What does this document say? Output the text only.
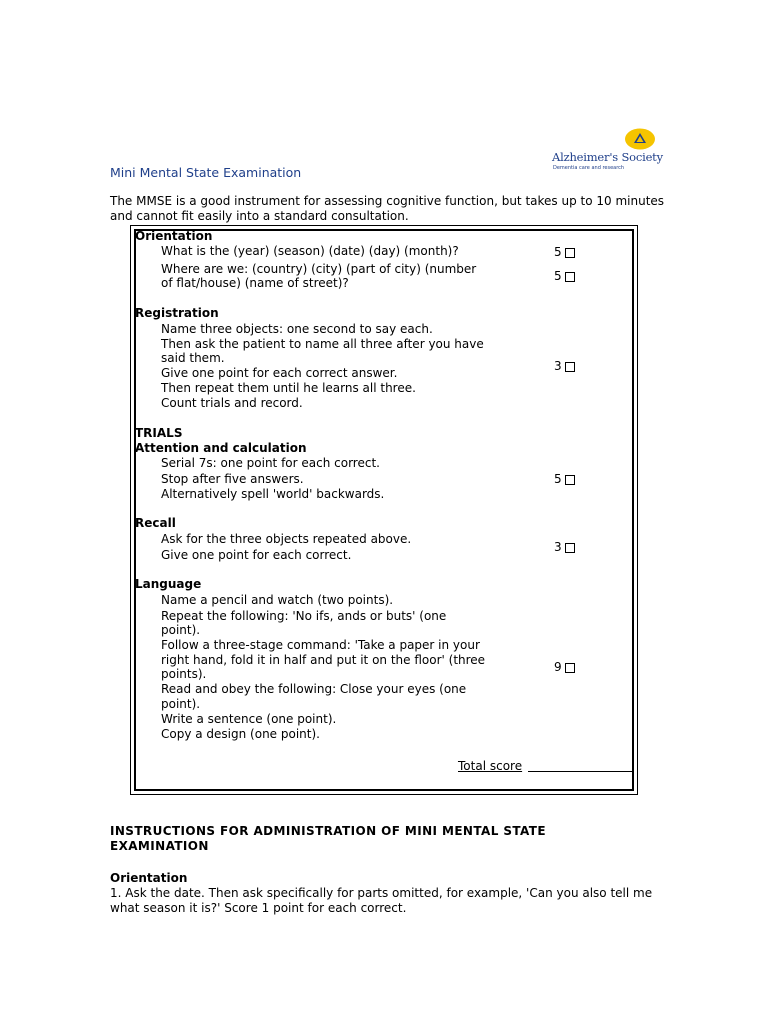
Alzheimer's Society
Dementia care and research
Mini Mental State Examination
The MMSE is a good instrument for assessing cognitive function, but takes up to 10 minutes and cannot fit easily into a standard consultation.
Orientation
What is the (year) (season) (date) (day) (month)?
Where are we: (country) (city) (part of city) (number
of flat/house) (name of street)?
5
5
Registration
Name three objects: one second to say each.
Then ask the patient to name all three after you have
said them.
Give one point for each correct answer.
Then repeat them until he learns all three.
Count trials and record.
3
TRIALS
Attention and calculation
Serial 7s: one point for each correct.
Stop after five answers.
Alternatively spell 'world' backwards.
5
Recall
Ask for the three objects repeated above.
Give one point for each correct.
3
Language
Name a pencil and watch (two points).
Repeat the following: 'No ifs, ands or buts' (one
point).
Follow a three-stage command: 'Take a paper in your
right hand, fold it in half and put it on the floor' (three
points).
Read and obey the following: Close your eyes (one
point).
Write a sentence (one point).
Copy a design (one point).
9
Total score
INSTRUCTIONS FOR ADMINISTRATION OF MINI MENTAL STATE
EXAMINATION
Orientation
1. Ask the date. Then ask specifically for parts omitted, for example, 'Can you also tell me what season it is?' Score 1 point for each correct.
